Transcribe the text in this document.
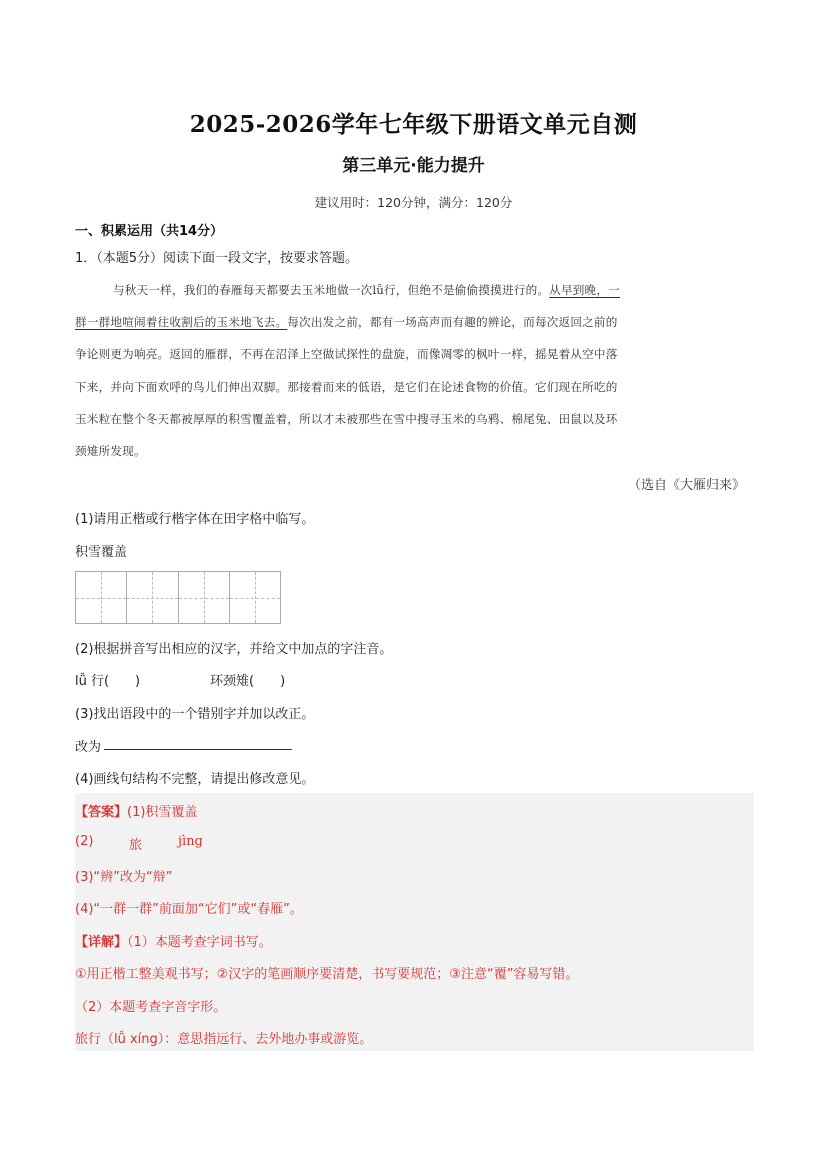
2025-2026学年七年级下册语文单元自测
第三单元·能力提升
建议用时：120分钟，满分：120分
一、积累运用（共14分）
1．（本题5分）阅读下面一段文字，按要求答题。
与秋天一样，我们的春雁每天都要去玉米地做一次lǚ行，但绝不是偷偷摸摸进行的。从早到晚，一
群一群地喧闹着往收割后的玉米地飞去。每次出发之前，都有一场高声而有趣的辨论，而每次返回之前的
争论则更为响亮。返回的雁群，不再在沼泽上空做试探性的盘旋，而像凋零的枫叶一样，摇晃着从空中落
下来，并向下面欢呼的鸟儿们伸出双脚。那接着而来的低语，是它们在论述食物的价值。它们现在所吃的
玉米粒在整个冬天都被厚厚的积雪覆盖着，所以才未被那些在雪中搜寻玉米的乌鸦、棉尾兔、田鼠以及环
颈雉所发现。
（选自《大雁归来》
(1)请用正楷或行楷字体在田字格中临写。
积雪覆盖
(2)根据拼音写出相应的汉字，并给文中加点的字注音。
lǚ 行(　　)	环颈雉(　　)
(3)找出语段中的一个错别字并加以改正。
改为
(4)画线句结构不完整，请提出修改意见。
【答案】(1)积雪覆盖
(2)	旅	jìng
(3)“辨”改为“辩”
(4)“一群一群”前面加“它们”或“春雁”。
【详解】（1）本题考查字词书写。
①用正楷工整美观书写；②汉字的笔画顺序要清楚，书写要规范；③注意“覆”容易写错。
（2）本题考查字音字形。
旅行（lǚ xíng）：意思指远行、去外地办事或游览。
